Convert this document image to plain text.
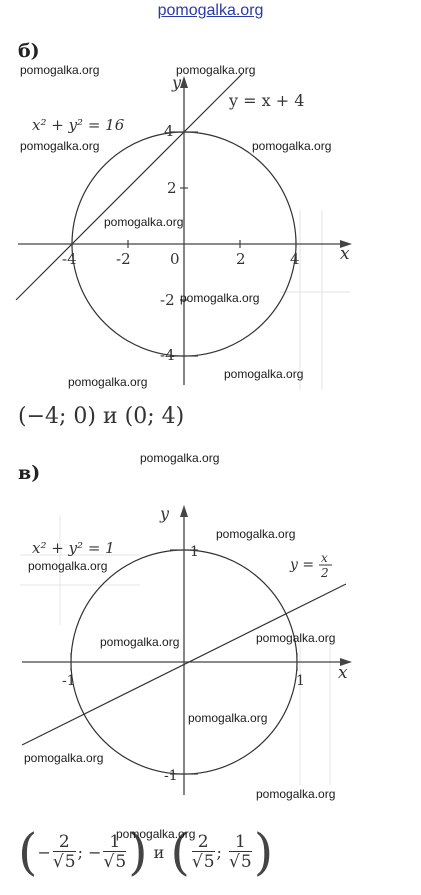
pomogalka.org
б)
y
x
y = x + 4
x² + y² = 16
-4	-2	0	2	4
2
-2
-4
4
(−4; 0) и (0; 4)
в)
y
x
y = x
2
x² + y² = 1	1
-1	1
-1
( − $\frac{2}{√5}$ ; − $\frac{1}{√5}$ ) и ( $\frac{2}{√5}$ ; $\frac{1}{√5}$ )
pomogalka.org	pomogalka.org
pomogalka.org	pomogalka.org
pomogalka.org
pomogalka.org
pomogalka.org
pomogalka.org
pomogalka.org
pomogalka.org
pomogalka.org
pomogalka.org	pomogalka.org
pomogalka.org
pomogalka.org
pomogalka.org
pomogalka.org
